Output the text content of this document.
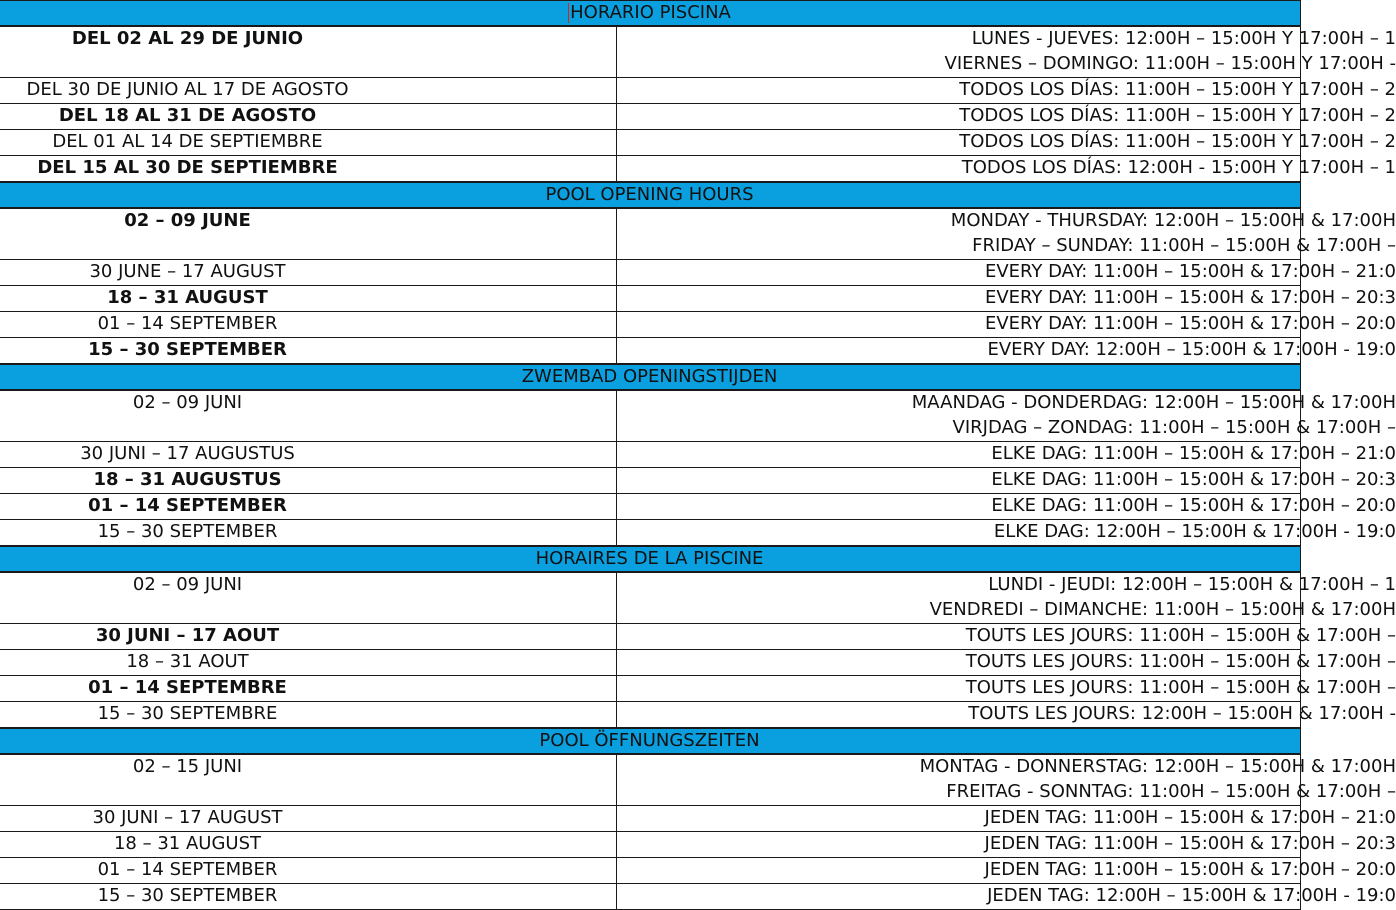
HORARIO PISCINA	
DEL 02 AL 29 DE JUNIO	LUNES - JUEVES: 12:00H – 15:00H Y 17:00H – 1
VIERNES – DOMINGO: 11:00H – 15:00H Y 17:00H -

DEL 30 DE JUNIO AL 17 DE AGOSTO	TODOS LOS DÍAS: 11:00H – 15:00H Y 17:00H – 2

DEL 18 AL 31 DE AGOSTO	TODOS LOS DÍAS: 11:00H – 15:00H Y 17:00H – 2

DEL 01 AL 14 DE SEPTIEMBRE	TODOS LOS DÍAS: 11:00H – 15:00H Y 17:00H – 2

DEL 15 AL 30 DE SEPTIEMBRE	TODOS LOS DÍAS: 12:00H - 15:00H Y 17:00H – 1

POOL OPENING HOURS	
02 – 09 JUNE	MONDAY - THURSDAY: 12:00H – 15:00H & 17:00H
FRIDAY – SUNDAY: 11:00H – 15:00H & 17:00H –

30 JUNE – 17 AUGUST	EVERY DAY: 11:00H – 15:00H & 17:00H – 21:0

18 – 31 AUGUST	EVERY DAY: 11:00H – 15:00H & 17:00H – 20:3

01 – 14 SEPTEMBER	EVERY DAY: 11:00H – 15:00H & 17:00H – 20:0

15 – 30 SEPTEMBER	EVERY DAY: 12:00H – 15:00H & 17:00H - 19:0

ZWEMBAD OPENINGSTIJDEN	
02 – 09 JUNI	MAANDAG - DONDERDAG: 12:00H – 15:00H & 17:00H
VIRJDAG – ZONDAG: 11:00H – 15:00H & 17:00H –

30 JUNI – 17 AUGUSTUS	ELKE DAG: 11:00H – 15:00H & 17:00H – 21:0

18 – 31 AUGUSTUS	ELKE DAG: 11:00H – 15:00H & 17:00H – 20:3

01 – 14 SEPTEMBER	ELKE DAG: 11:00H – 15:00H & 17:00H – 20:0

15 – 30 SEPTEMBER	ELKE DAG: 12:00H – 15:00H & 17:00H - 19:0

HORAIRES DE LA PISCINE	
02 – 09 JUNI	LUNDI - JEUDI: 12:00H – 15:00H & 17:00H – 1
VENDREDI – DIMANCHE: 11:00H – 15:00H & 17:00H

30 JUNI – 17 AOUT	TOUTS LES JOURS: 11:00H – 15:00H & 17:00H –

18 – 31 AOUT	TOUTS LES JOURS: 11:00H – 15:00H & 17:00H –

01 – 14 SEPTEMBRE	TOUTS LES JOURS: 11:00H – 15:00H & 17:00H –

15 – 30 SEPTEMBRE	TOUTS LES JOURS: 12:00H – 15:00H & 17:00H -

POOL ÖFFNUNGSZEITEN	
02 – 15 JUNI	MONTAG - DONNERSTAG: 12:00H – 15:00H & 17:00H
FREITAG - SONNTAG: 11:00H – 15:00H & 17:00H –

30 JUNI – 17 AUGUST	JEDEN TAG: 11:00H – 15:00H & 17:00H – 21:0

18 – 31 AUGUST	JEDEN TAG: 11:00H – 15:00H & 17:00H – 20:3

01 – 14 SEPTEMBER	JEDEN TAG: 11:00H – 15:00H & 17:00H – 20:0

15 – 30 SEPTEMBER	JEDEN TAG: 12:00H – 15:00H & 17:00H - 19:0
